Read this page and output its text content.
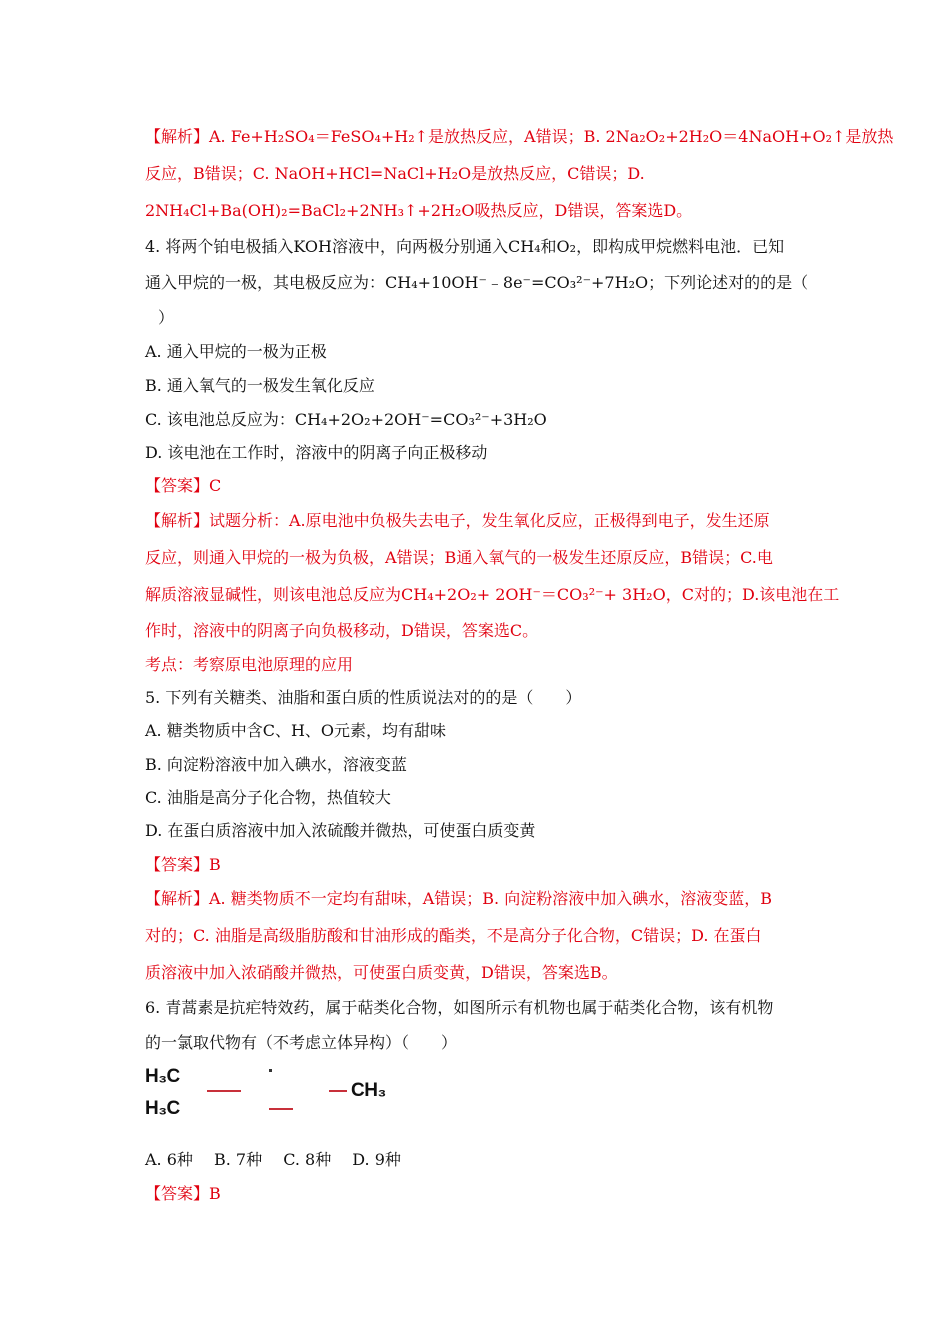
【解析】A. Fe+H₂SO₄＝FeSO₄+H₂↑是放热反应，A错误；B. 2Na₂O₂+2H₂O＝4NaOH+O₂↑是放热
反应，B错误；C. NaOH+HCl=NaCl+H₂O是放热反应，C错误；D.
2NH₄Cl+Ba(OH)₂=BaCl₂+2NH₃↑+2H₂O吸热反应，D错误，答案选D。
4. 将两个铂电极插入KOH溶液中，向两极分别通入CH₄和O₂，即构成甲烷燃料电池．已知
通入甲烷的一极，其电极反应为：CH₄+10OH⁻﹣8e⁻=CO₃²⁻+7H₂O；下列论述对的的是（
）
A. 通入甲烷的一极为正极
B. 通入氧气的一极发生氧化反应
C. 该电池总反应为：CH₄+2O₂+2OH⁻=CO₃²⁻+3H₂O
D. 该电池在工作时，溶液中的阴离子向正极移动
【答案】C
【解析】试题分析：A.原电池中负极失去电子，发生氧化反应，正极得到电子，发生还原
反应，则通入甲烷的一极为负极，A错误；B通入氧气的一极发生还原反应，B错误；C.电
解质溶液显碱性，则该电池总反应为CH₄+2O₂+ 2OH⁻＝CO₃²⁻+ 3H₂O，C对的；D.该电池在工
作时，溶液中的阴离子向负极移动，D错误，答案选C。
考点：考察原电池原理的应用
5. 下列有关糖类、油脂和蛋白质的性质说法对的的是（　　）
A. 糖类物质中含C、H、O元素，均有甜味
B. 向淀粉溶液中加入碘水，溶液变蓝
C. 油脂是高分子化合物，热值较大
D. 在蛋白质溶液中加入浓硫酸并微热，可使蛋白质变黄
【答案】B
【解析】A. 糖类物质不一定均有甜味，A错误；B. 向淀粉溶液中加入碘水，溶液变蓝，B
对的；C. 油脂是高级脂肪酸和甘油形成的酯类，不是高分子化合物，C错误；D. 在蛋白
质溶液中加入浓硝酸并微热，可使蛋白质变黄，D错误，答案选B。
6. 青蒿素是抗疟特效药，属于萜类化合物，如图所示有机物也属于萜类化合物，该有机物
的一氯取代物有（不考虑立体异构）（　　）
H₃C
H₃C
CH₃
A. 6种　 B. 7种　 C. 8种　 D. 9种
【答案】B
